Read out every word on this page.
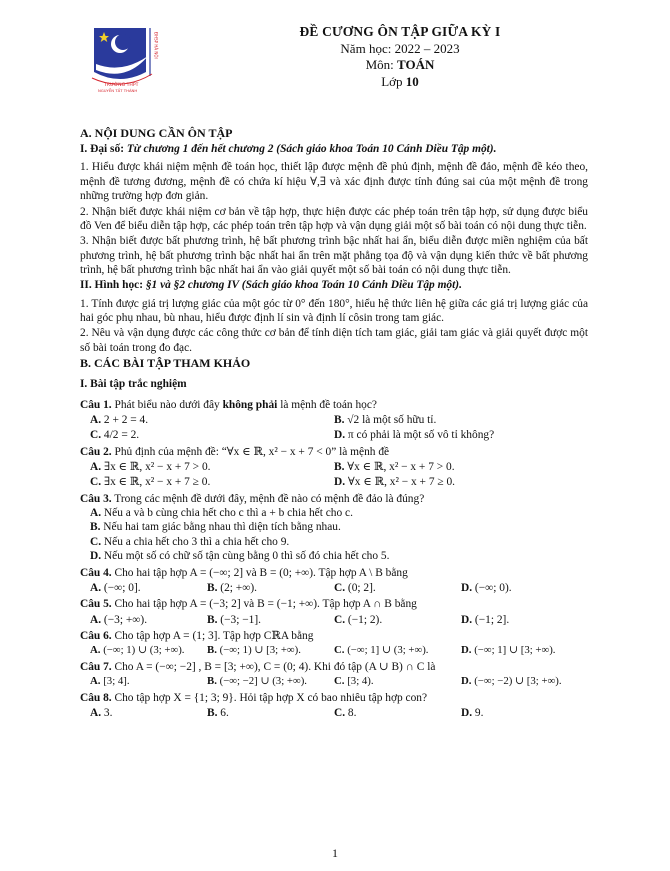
ĐHSP HÀ NỘI
TRƯỜNG THPT
NGUYỄN TẤT THÀNH
ĐỀ CƯƠNG ÔN TẬP GIỮA KỲ I
Năm học: 2022 – 2023
Môn: TOÁN
Lớp 10
A. NỘI DUNG CẦN ÔN TẬP
I. Đại số: Từ chương 1 đến hết chương 2 (Sách giáo khoa Toán 10 Cánh Diều Tập một).
1. Hiểu được khái niệm mệnh đề toán học, thiết lập được mệnh đề phủ định, mệnh đề đảo, mệnh đề kéo theo, mệnh đề tương đương, mệnh đề có chứa kí hiệu ∀,∃ và xác định được tính đúng sai của một mệnh đề trong những trường hợp đơn giản.
2. Nhận biết được khái niệm cơ bản về tập hợp, thực hiện được các phép toán trên tập hợp, sử dụng được biểu đồ Ven để biểu diễn tập hợp, các phép toán trên tập hợp và vận dụng giải một số bài toán có nội dung thực tiễn.
3. Nhận biết được bất phương trình, hệ bất phương trình bậc nhất hai ẩn, biểu diễn được miền nghiệm của bất phương trình, hệ bất phương trình bậc nhất hai ẩn trên mặt phẳng tọa độ và vận dụng kiến thức về bất phương trình, hệ bất phương trình bậc nhất hai ẩn vào giải quyết một số bài toán có nội dung thực tiễn.
II. Hình học: §1 và §2 chương IV (Sách giáo khoa Toán 10 Cánh Diều Tập một).
1. Tính được giá trị lượng giác của một góc từ 0° đến 180°, hiểu hệ thức liên hệ giữa các giá trị lượng giác của hai góc phụ nhau, bù nhau, hiểu được định lí sin và định lí côsin trong tam giác.
2. Nêu và vận dụng được các công thức cơ bản để tính diện tích tam giác, giải tam giác và giải quyết được một số bài toán trong đo đạc.
B. CÁC BÀI TẬP THAM KHẢO
I. Bài tập trắc nghiệm
Câu 1. Phát biểu nào dưới đây không phải là mệnh đề toán học?
A. 2 + 2 = 4.	B. √2 là một số hữu tỉ.
C. 4/2 = 2.	D. π có phải là một số vô tỉ không?
Câu 2. Phủ định của mệnh đề: “∀x ∈ ℝ, x² − x + 7 < 0” là mệnh đề
A. ∃x ∈ ℝ, x² − x + 7 > 0.	B. ∀x ∈ ℝ, x² − x + 7 > 0.
C. ∃x ∈ ℝ, x² − x + 7 ≥ 0.	D. ∀x ∈ ℝ, x² − x + 7 ≥ 0.
Câu 3. Trong các mệnh đề dưới đây, mệnh đề nào có mệnh đề đảo là đúng?
A. Nếu a và b cùng chia hết cho c thì a + b chia hết cho c.
B. Nếu hai tam giác bằng nhau thì diện tích bằng nhau.
C. Nếu a chia hết cho 3 thì a chia hết cho 9.
D. Nếu một số có chữ số tận cùng bằng 0 thì số đó chia hết cho 5.
Câu 4. Cho hai tập hợp A = (−∞; 2] và B = (0; +∞). Tập hợp A \ B bằng
A. (−∞; 0].	B. (2; +∞).	C. (0; 2].	D. (−∞; 0).
Câu 5. Cho hai tập hợp A = (−3; 2] và B = (−1; +∞). Tập hợp A ∩ B bằng
A. (−3; +∞).	B. (−3; −1].	C. (−1; 2).	D. (−1; 2].
Câu 6. Cho tập hợp A = (1; 3]. Tập hợp CℝA bằng
A. (−∞; 1) ∪ (3; +∞).	B. (−∞; 1) ∪ [3; +∞).	C. (−∞; 1] ∪ (3; +∞).	D. (−∞; 1] ∪ [3; +∞).
Câu 7. Cho A = (−∞; −2] , B = [3; +∞), C = (0; 4). Khi đó tập (A ∪ B) ∩ C là
A. [3; 4].	B. (−∞; −2] ∪ (3; +∞).	C. [3; 4).	D. (−∞; −2) ∪ [3; +∞).
Câu 8. Cho tập hợp X = {1; 3; 9}. Hỏi tập hợp X có bao nhiêu tập hợp con?
A. 3.	B. 6.	C. 8.	D. 9.
1
